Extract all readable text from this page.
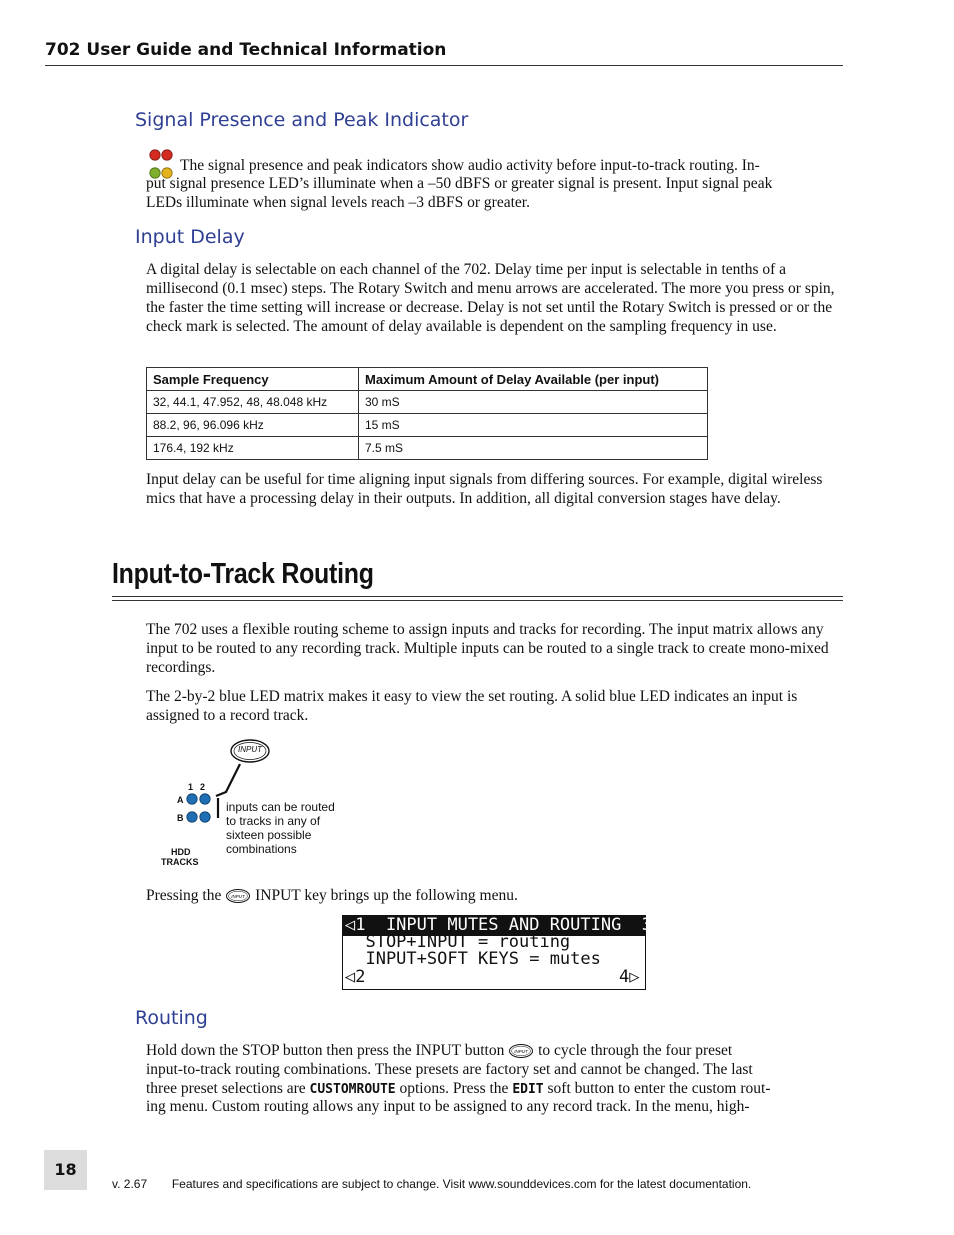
702 User Guide and Technical Information
Signal Presence and Peak Indicator
The signal presence and peak indicators show audio activity before input-to-track routing. In-
put signal presence LED’s illuminate when a –50 dBFS or greater signal is present. Input signal peak
LEDs illuminate when signal levels reach –3 dBFS or greater.
Input Delay
A digital delay is selectable on each channel of the 702. Delay time per input is selectable in tenths of a millisecond (0.1 msec) steps. The Rotary Switch and menu arrows are accelerated. The more you press or spin, the faster the time setting will increase or decrease. Delay is not set until the Rotary Switch is pressed or or the check mark is selected. The amount of delay available is dependent on the sampling frequency in use.
Sample Frequency	Maximum Amount of Delay Available (per input)
32, 44.1, 47.952, 48, 48.048 kHz	30 mS
88.2, 96, 96.096 kHz	15 mS
176.4, 192 kHz	7.5 mS
Input delay can be useful for time aligning input signals from differing sources. For example, digital wireless mics that have a processing delay in their outputs. In addition, all digital conversion stages have delay.
Input-to-Track Routing
The 702 uses a flexible routing scheme to assign inputs and tracks for recording. The input matrix allows any input to be routed to any recording track. Multiple inputs can be routed to a single track to create mono-mixed recordings.
The 2-by-2 blue LED matrix makes it easy to view the set routing. A solid blue LED indicates an input is assigned to a record track.
INPUT
1 2
A
B
HDD
TRACKS
inputs can be routed
to tracks in any of
sixteen possible
combinations
Pressing the INPUT INPUT key brings up the following menu.
◁1  INPUT MUTES AND ROUTING  3▷
STOP+INPUT = routing
INPUT+SOFT KEYS = mutes
◁2	4▷
Routing
Hold down the STOP button then press the INPUT button INPUT to cycle through the four preset
input-to-track routing combinations. These presets are factory set and cannot be changed. The last
three preset selections are CUSTOMROUTE options. Press the EDIT soft button to enter the custom rout-
ing menu. Custom routing allows any input to be assigned to any record track. In the menu, high-
18
v. 2.67 Features and specifications are subject to change. Visit www.sounddevices.com for the latest documentation.
